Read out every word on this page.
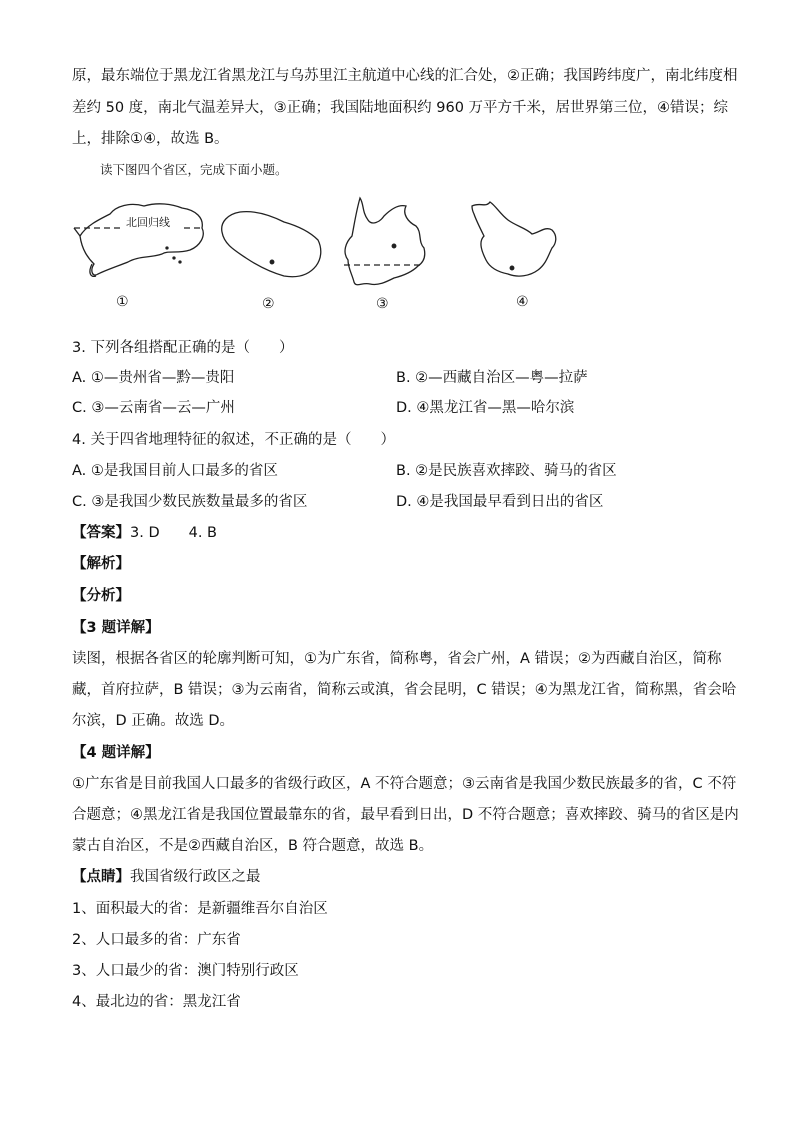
原，最东端位于黑龙江省黑龙江与乌苏里江主航道中心线的汇合处，②正确；我国跨纬度广，南北纬度相
差约 50 度，南北气温差异大，③正确；我国陆地面积约 960 万平方千米，居世界第三位，④错误；综
上，排除①④，故选 B。
读下图四个省区，完成下面小题。
北回归线
①	②	③	④
3. 下列各组搭配正确的是（　　）
A. ①—贵州省—黔—贵阳	B. ②—西藏自治区—粤—拉萨
C. ③—云南省—云—广州	D. ④黑龙江省—黑—哈尔滨
4. 关于四省地理特征的叙述，不正确的是（　　）
A. ①是我国目前人口最多的省区	B. ②是民族喜欢摔跤、骑马的省区
C. ③是我国少数民族数量最多的省区	D. ④是我国最早看到日出的省区
【答案】3. D　　4. B
【解析】
【分析】
【3 题详解】
读图，根据各省区的轮廓判断可知，①为广东省，简称粤，省会广州，A 错误；②为西藏自治区，简称
藏，首府拉萨，B 错误；③为云南省，简称云或滇，省会昆明，C 错误；④为黑龙江省，简称黑，省会哈
尔滨，D 正确。故选 D。
【4 题详解】
①广东省是目前我国人口最多的省级行政区，A 不符合题意；③云南省是我国少数民族最多的省，C 不符
合题意；④黑龙江省是我国位置最靠东的省，最早看到日出，D 不符合题意；喜欢摔跤、骑马的省区是内
蒙古自治区，不是②西藏自治区，B 符合题意，故选 B。
【点睛】我国省级行政区之最
1、面积最大的省：是新疆维吾尔自治区
2、人口最多的省：广东省
3、人口最少的省：澳门特别行政区
4、最北边的省：黑龙江省
